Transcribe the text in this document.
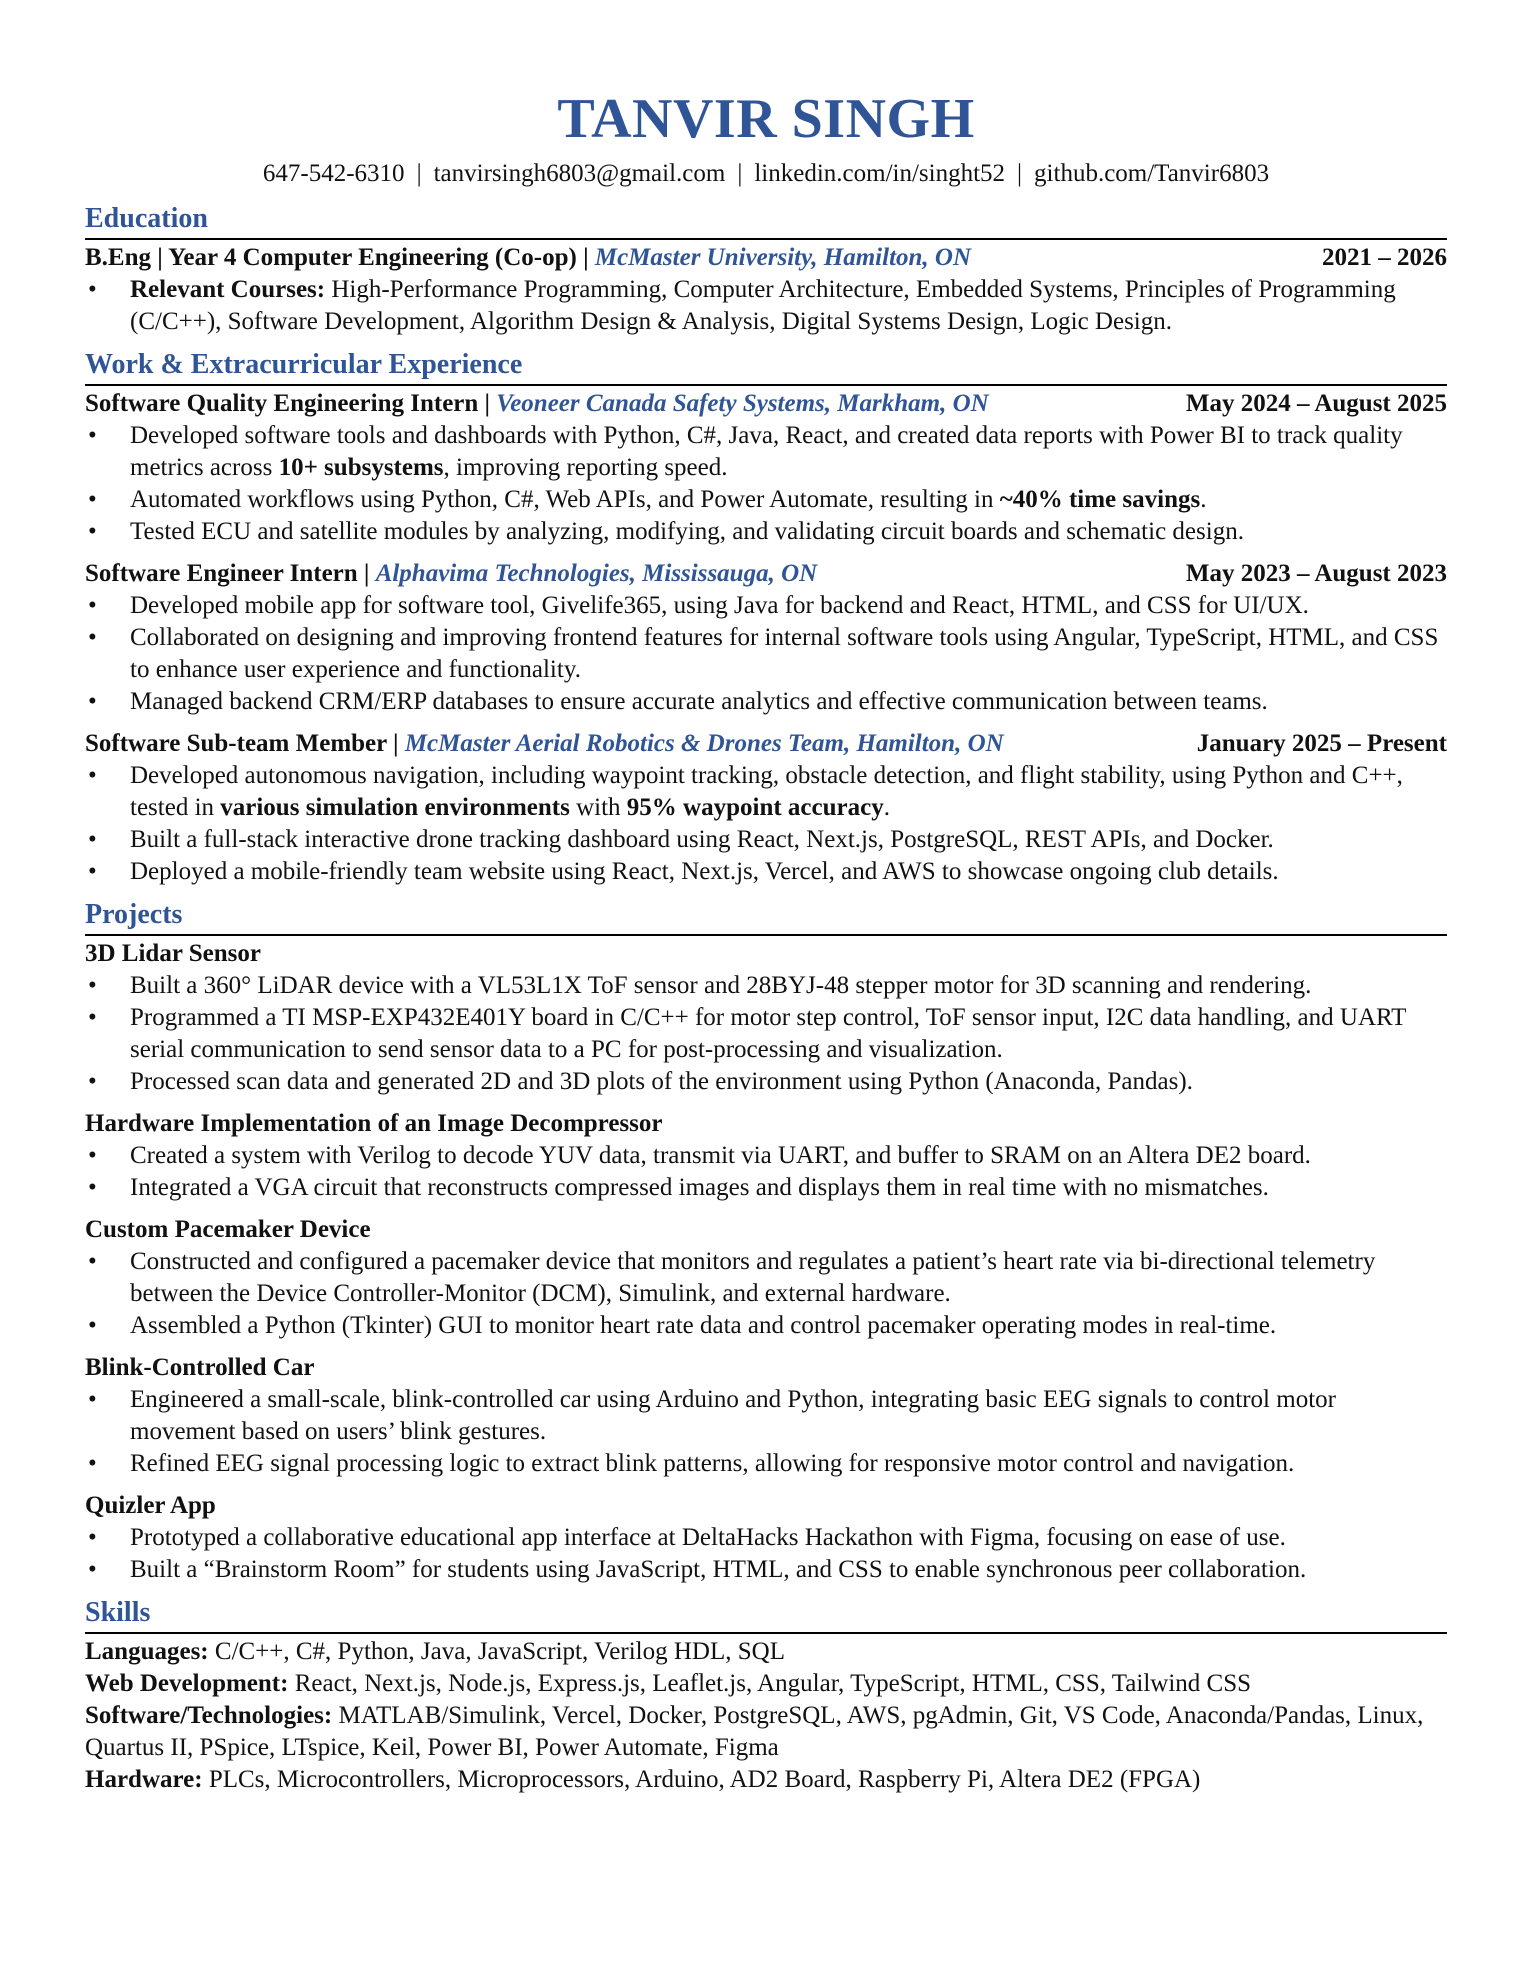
TANVIR SINGH
647-542-6310 | tanvirsingh6803@gmail.com | linkedin.com/in/singht52 | github.com/Tanvir6803
Education
B.Eng | Year 4 Computer Engineering (Co-op) | McMaster University, Hamilton, ON	2021 – 2026
• Relevant Courses: High-Performance Programming, Computer Architecture, Embedded Systems, Principles of Programming (C/C++), Software Development, Algorithm Design & Analysis, Digital Systems Design, Logic Design.
Work & Extracurricular Experience
Software Quality Engineering Intern | Veoneer Canada Safety Systems, Markham, ON	May 2024 – August 2025
• Developed software tools and dashboards with Python, C#, Java, React, and created data reports with Power BI to track quality metrics across 10+ subsystems, improving reporting speed.
• Automated workflows using Python, C#, Web APIs, and Power Automate, resulting in ~40% time savings.
• Tested ECU and satellite modules by analyzing, modifying, and validating circuit boards and schematic design.
Software Engineer Intern | Alphavima Technologies, Mississauga, ON	May 2023 – August 2023
• Developed mobile app for software tool, Givelife365, using Java for backend and React, HTML, and CSS for UI/UX.
• Collaborated on designing and improving frontend features for internal software tools using Angular, TypeScript, HTML, and CSS to enhance user experience and functionality.
• Managed backend CRM/ERP databases to ensure accurate analytics and effective communication between teams.
Software Sub-team Member | McMaster Aerial Robotics & Drones Team, Hamilton, ON	January 2025 – Present
• Developed autonomous navigation, including waypoint tracking, obstacle detection, and flight stability, using Python and C++, tested in various simulation environments with 95% waypoint accuracy.
• Built a full-stack interactive drone tracking dashboard using React, Next.js, PostgreSQL, REST APIs, and Docker.
• Deployed a mobile-friendly team website using React, Next.js, Vercel, and AWS to showcase ongoing club details.
Projects
3D Lidar Sensor
• Built a 360° LiDAR device with a VL53L1X ToF sensor and 28BYJ-48 stepper motor for 3D scanning and rendering.
• Programmed a TI MSP-EXP432E401Y board in C/C++ for motor step control, ToF sensor input, I2C data handling, and UART serial communication to send sensor data to a PC for post-processing and visualization.
• Processed scan data and generated 2D and 3D plots of the environment using Python (Anaconda, Pandas).
Hardware Implementation of an Image Decompressor
• Created a system with Verilog to decode YUV data, transmit via UART, and buffer to SRAM on an Altera DE2 board.
• Integrated a VGA circuit that reconstructs compressed images and displays them in real time with no mismatches.
Custom Pacemaker Device
• Constructed and configured a pacemaker device that monitors and regulates a patient’s heart rate via bi-directional telemetry between the Device Controller-Monitor (DCM), Simulink, and external hardware.
• Assembled a Python (Tkinter) GUI to monitor heart rate data and control pacemaker operating modes in real-time.
Blink-Controlled Car
• Engineered a small-scale, blink-controlled car using Arduino and Python, integrating basic EEG signals to control motor movement based on users’ blink gestures.
• Refined EEG signal processing logic to extract blink patterns, allowing for responsive motor control and navigation.
Quizler App
• Prototyped a collaborative educational app interface at DeltaHacks Hackathon with Figma, focusing on ease of use.
• Built a “Brainstorm Room” for students using JavaScript, HTML, and CSS to enable synchronous peer collaboration.
Skills
Languages: C/C++, C#, Python, Java, JavaScript, Verilog HDL, SQL
Web Development: React, Next.js, Node.js, Express.js, Leaflet.js, Angular, TypeScript, HTML, CSS, Tailwind CSS
Software/Technologies: MATLAB/Simulink, Vercel, Docker, PostgreSQL, AWS, pgAdmin, Git, VS Code, Anaconda/Pandas, Linux, Quartus II, PSpice, LTspice, Keil, Power BI, Power Automate, Figma
Hardware: PLCs, Microcontrollers, Microprocessors, Arduino, AD2 Board, Raspberry Pi, Altera DE2 (FPGA)
